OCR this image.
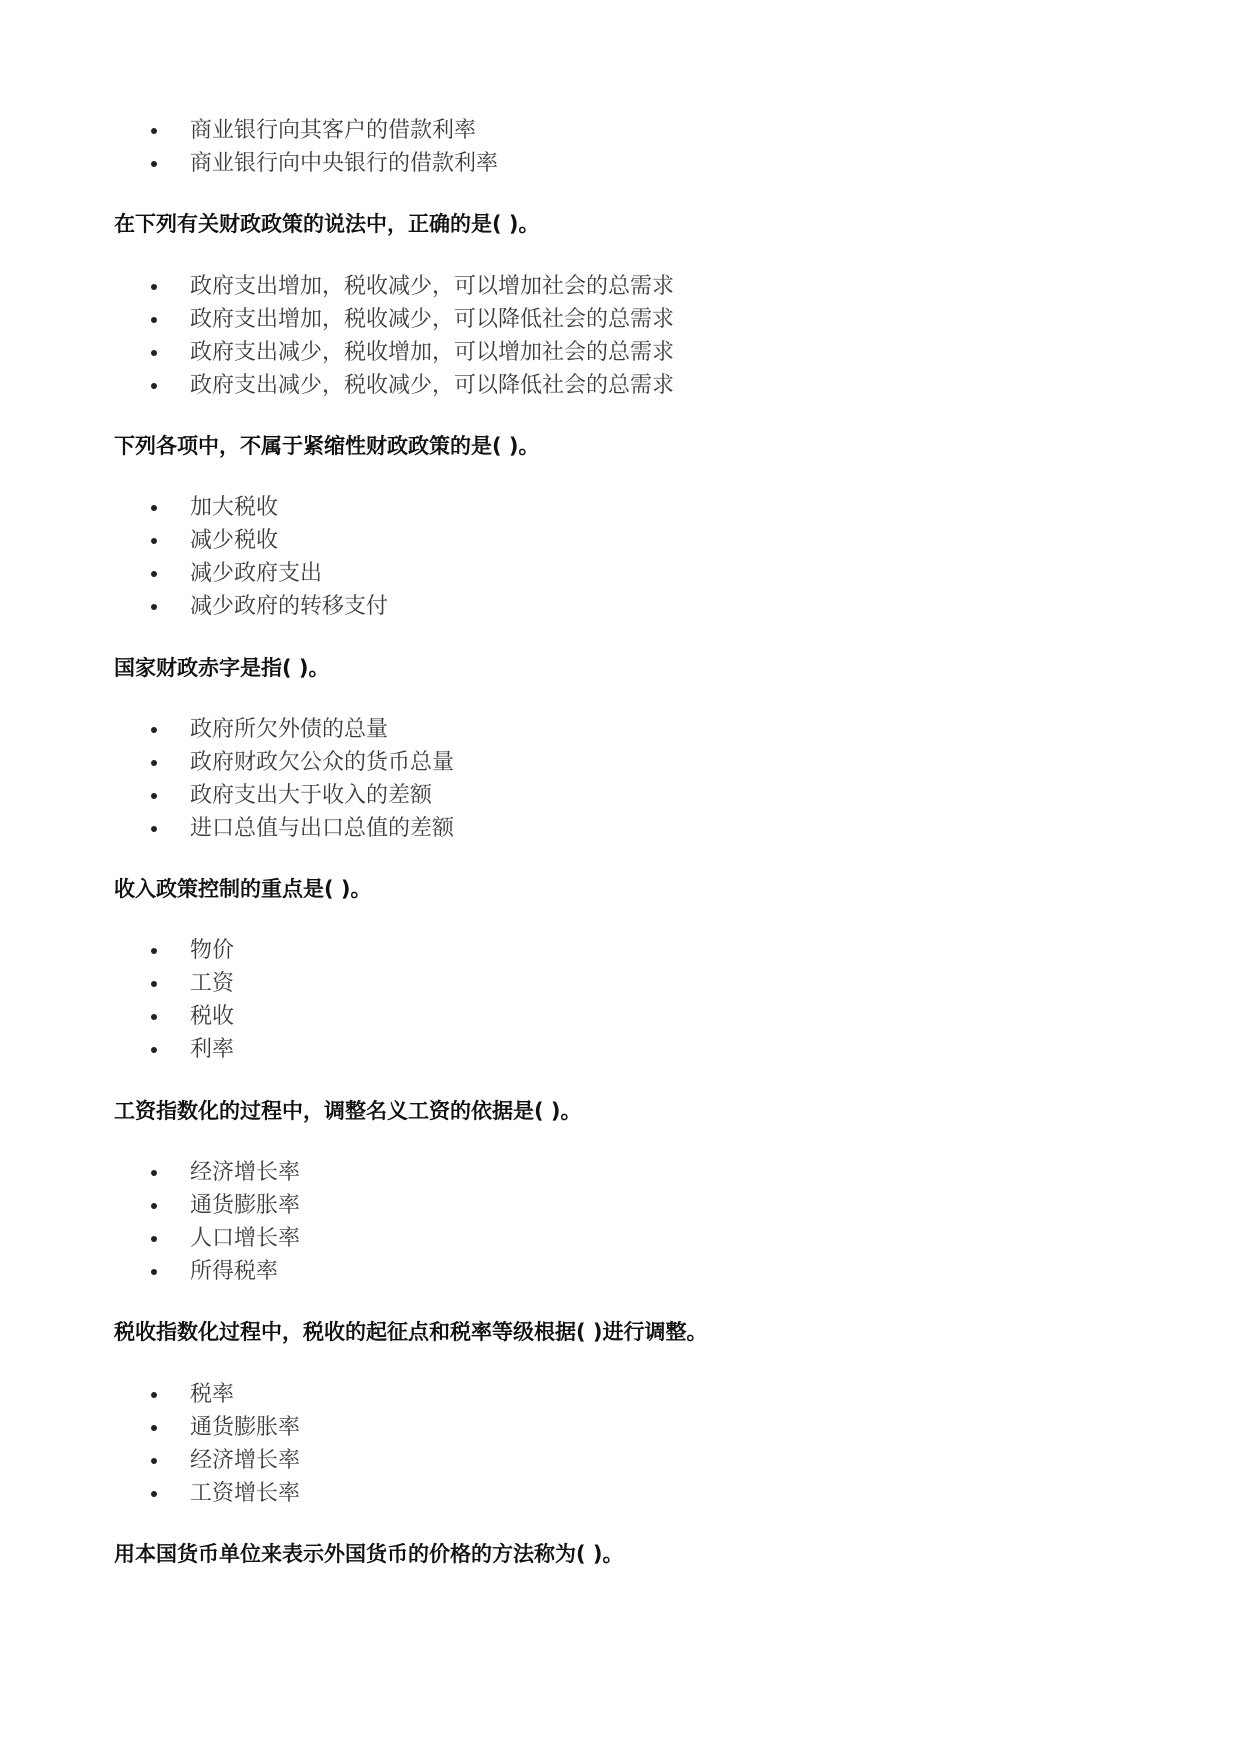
商业银行向其客户的借款利率
商业银行向中央银行的借款利率

在下列有关财政政策的说法中，正确的是( )。

政府支出增加，税收减少，可以增加社会的总需求
政府支出增加，税收减少，可以降低社会的总需求
政府支出减少，税收增加，可以增加社会的总需求
政府支出减少，税收减少，可以降低社会的总需求

下列各项中，不属于紧缩性财政政策的是( )。

加大税收
减少税收
减少政府支出
减少政府的转移支付

国家财政赤字是指( )。

政府所欠外债的总量
政府财政欠公众的货币总量
政府支出大于收入的差额
进口总值与出口总值的差额

收入政策控制的重点是( )。

物价
工资
税收
利率

工资指数化的过程中，调整名义工资的依据是( )。

经济增长率
通货膨胀率
人口增长率
所得税率

税收指数化过程中，税收的起征点和税率等级根据( )进行调整。

税率
通货膨胀率
经济增长率
工资增长率

用本国货币单位来表示外国货币的价格的方法称为( )。
